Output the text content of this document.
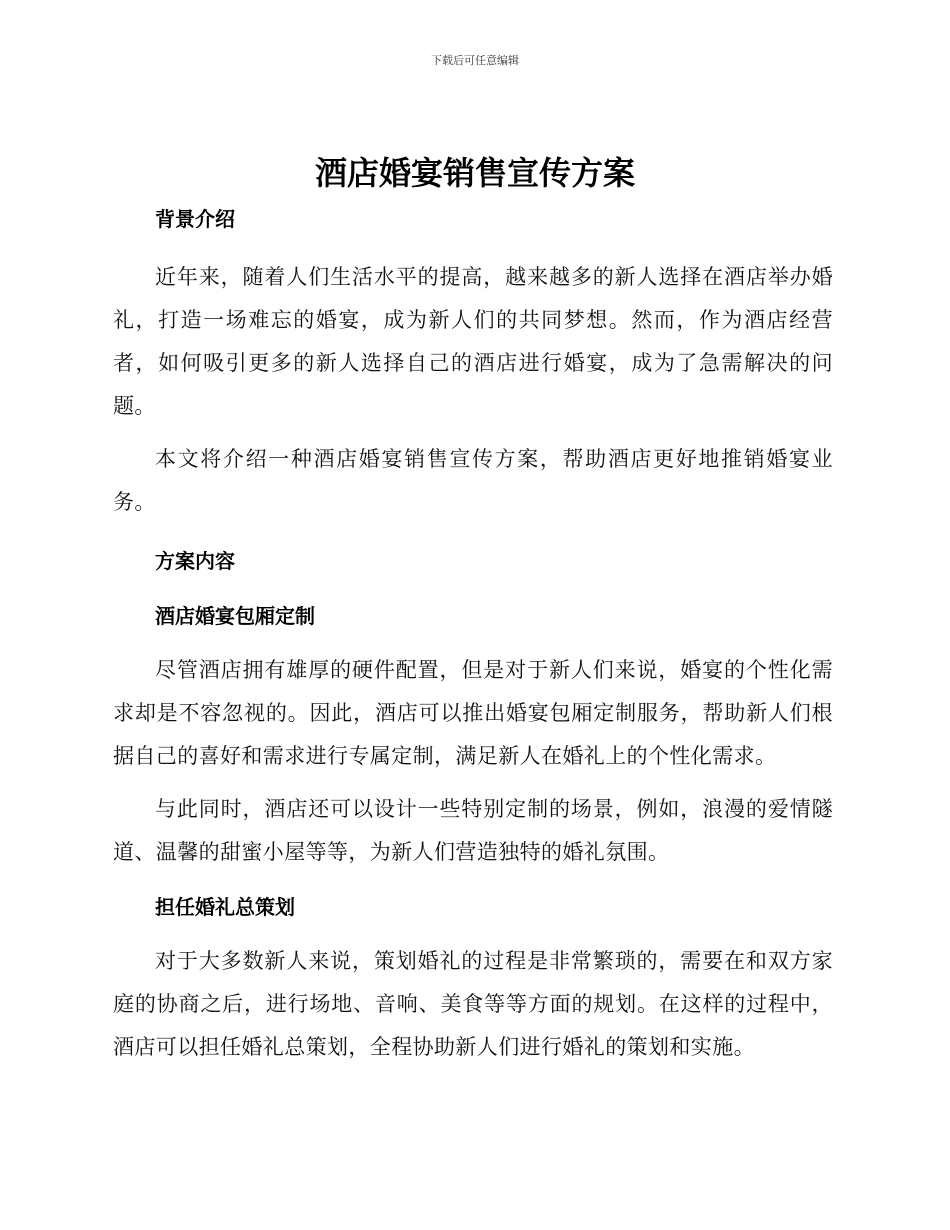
下载后可任意编辑
酒店婚宴销售宣传方案
背景介绍

近年来，随着人们生活水平的提高，越来越多的新人选择在酒店举办婚礼，打造一场难忘的婚宴，成为新人们的共同梦想。然而，作为酒店经营者，如何吸引更多的新人选择自己的酒店进行婚宴，成为了急需解决的问题。

本文将介绍一种酒店婚宴销售宣传方案，帮助酒店更好地推销婚宴业务。

方案内容
酒店婚宴包厢定制

尽管酒店拥有雄厚的硬件配置，但是对于新人们来说，婚宴的个性化需求却是不容忽视的。因此，酒店可以推出婚宴包厢定制服务，帮助新人们根据自己的喜好和需求进行专属定制，满足新人在婚礼上的个性化需求。

与此同时，酒店还可以设计一些特别定制的场景，例如，浪漫的爱情隧道、温馨的甜蜜小屋等等，为新人们营造独特的婚礼氛围。

担任婚礼总策划

对于大多数新人来说，策划婚礼的过程是非常繁琐的，需要在和双方家庭的协商之后，进行场地、音响、美食等等方面的规划。在这样的过程中，酒店可以担任婚礼总策划，全程协助新人们进行婚礼的策划和实施。
